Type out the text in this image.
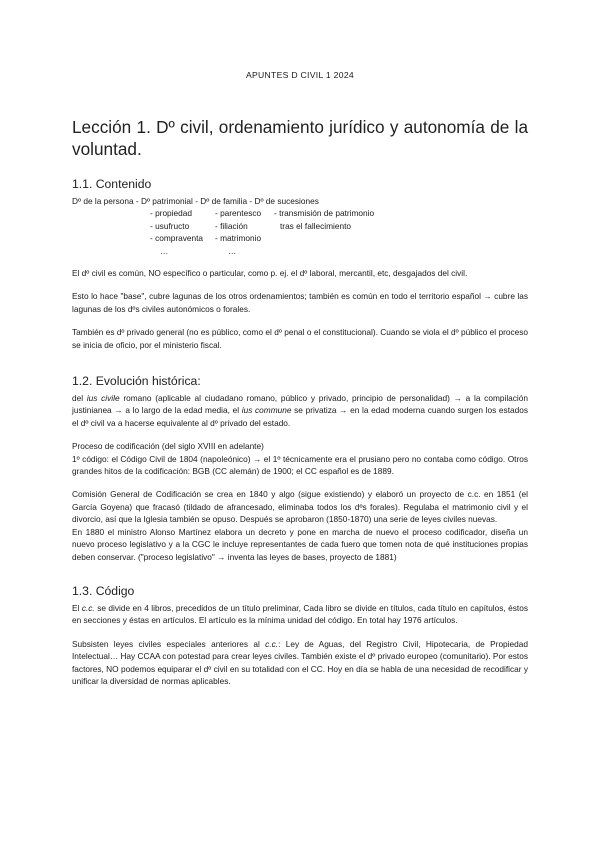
APUNTES D CIVIL 1 2024
Lección 1. Dº civil, ordenamiento jurídico y autonomía de la voluntad.
1.1. Contenido
Dº de la persona - Dº patrimonial - Dº de familia - Dº de sucesiones
- propiedad
- usufructo
- compraventa
…
- parentesco
- filiación
- matrimonio
…
- transmisión de patrimonio
tras el fallecimiento

El dº civil es común, NO específico o particular, como p. ej. el dº laboral, mercantil, etc, desgajados del civil.

Esto lo hace "base", cubre lagunas de los otros ordenamientos; también es común en todo el territorio español → cubre las lagunas de los dºs civiles autonómicos o forales.

También es dº privado general (no es público, como el dº penal o el constitucional). Cuando se viola el dº público el proceso se inicia de oficio, por el ministerio fiscal.

1.2. Evolución histórica:

del ius civile romano (aplicable al ciudadano romano, público y privado, principio de personalidad) → a la compilación justinianea → a lo largo de la edad media, el ius commune se privatiza → en la edad moderna cuando surgen los estados el dº civil va a hacerse equivalente al dº privado del estado.

Proceso de codificación (del siglo XVIII en adelante)

1º código: el Código Civil de 1804 (napoleónico) → el 1º técnicamente era el prusiano pero no contaba como código. Otros grandes hitos de la codificación: BGB (CC alemán) de 1900; el CC español es de 1889.

Comisión General de Codificación se crea en 1840 y algo (sigue existiendo) y elaboró un proyecto de c.c. en 1851 (el García Goyena) que fracasó (tildado de afrancesado, eliminaba todos los dºs forales). Regulaba el matrimonio civil y el divorcio, así que la Iglesia también se opuso. Después se aprobaron (1850-1870) una serie de leyes civiles nuevas.

En 1880 el ministro Alonso Martínez elabora un decreto y pone en marcha de nuevo el proceso codificador, diseña un nuevo proceso legislativo y a la CGC le incluye representantes de cada fuero que tomen nota de qué instituciones propias deben conservar. ("proceso legislativo" → inventa las leyes de bases, proyecto de 1881)

1.3. Código

El c.c. se divide en 4 libros, precedidos de un título preliminar, Cada libro se divide en títulos, cada título en capítulos, éstos en secciones y éstas en artículos. El artículo es la mínima unidad del código. En total hay 1976 artículos.

Subsisten leyes civiles especiales anteriores al c.c.: Ley de Aguas, del Registro Civil, Hipotecaria, de Propiedad Intelectual… Hay CCAA con potestad para crear leyes civiles. También existe el dº privado europeo (comunitario). Por estos factores, NO podemos equiparar el dº civil en su totalidad con el CC. Hoy en día se habla de una necesidad de recodificar y unificar la diversidad de normas aplicables.
